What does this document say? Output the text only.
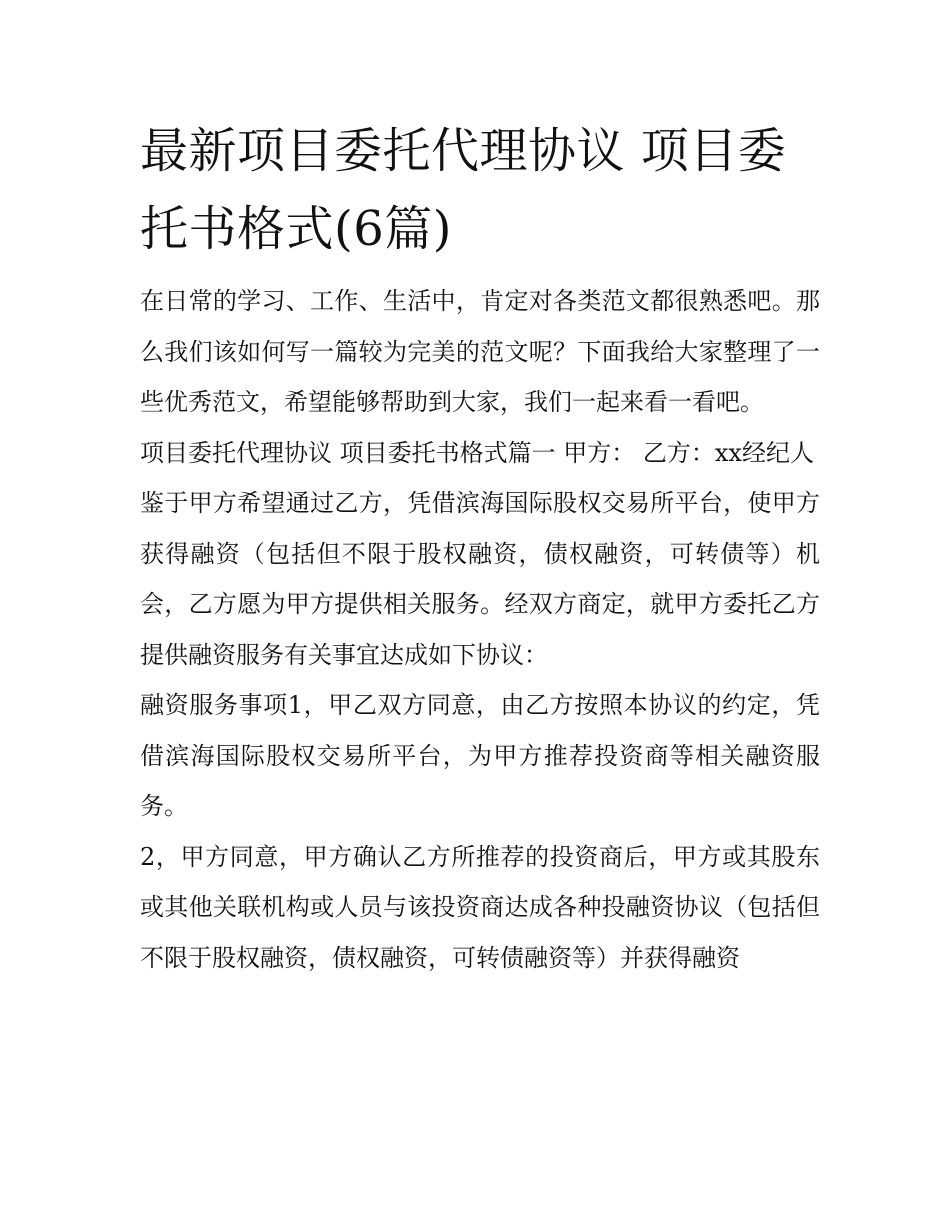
最新项目委托代理协议 项目委托书格式(6篇)

在日常的学习、工作、生活中，肯定对各类范文都很熟悉吧。那么我们该如何写一篇较为完美的范文呢？下面我给大家整理了一些优秀范文，希望能够帮助到大家，我们一起来看一看吧。

项目委托代理协议 项目委托书格式篇一 甲方： 乙方：xx经纪人

鉴于甲方希望通过乙方，凭借滨海国际股权交易所平台，使甲方获得融资（包括但不限于股权融资，债权融资，可转债等）机会，乙方愿为甲方提供相关服务。经双方商定，就甲方委托乙方提供融资服务有关事宜达成如下协议：

融资服务事项1，甲乙双方同意，由乙方按照本协议的约定，凭借滨海国际股权交易所平台，为甲方推荐投资商等相关融资服务。

2，甲方同意，甲方确认乙方所推荐的投资商后，甲方或其股东或其他关联机构或人员与该投资商达成各种投融资协议（包括但不限于股权融资，债权融资，可转债融资等）并获得融资
